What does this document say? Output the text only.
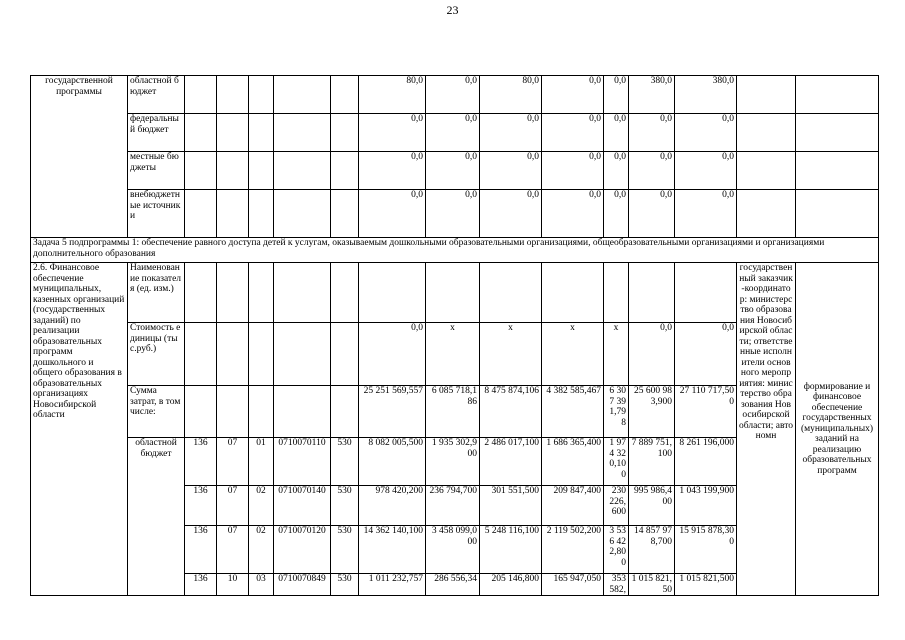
23
государственной программы	областной бюджет						80,0	0,0	80,0	0,0	0,0	380,0	380,0		
	федеральный бюджет						0,0	0,0	0,0	0,0	0,0	0,0	0,0		
	местные бюджеты						0,0	0,0	0,0	0,0	0,0	0,0	0,0		
	внебюджетные источники						0,0	0,0	0,0	0,0	0,0	0,0	0,0		
Задача 5 подпрограммы 1: обеспечение равного доступа детей к услугам, оказываемым дошкольными образовательными организациями, общеобразовательными организациями и организациями дополнительного образования															
2.6. Финансовое обеспечение муниципальных, казенных организаций (государственных заданий) по реализации образовательных программ дошкольного и общего образования в образовательных организациях Новосибирской области	Наименование показателя (ед. изм.)													государственный заказчик-координатор: министерство образования Новосибирской области; ответственные исполнители основного мероприятия: министерство образования Новосибирской области; автономн	формирование и финансовое обеспечение государственных (муниципальных) заданий на реализацию образовательных программ
	Стоимость единицы (тыс.руб.)						0,0	x	x	x	x	0,0	0,0		
	Сумма затрат, в том числе:						25 251 569,557	6 085 718,186	8 475 874,106	4 382 585,467	6 307 391,798	25 600 983,900	27 110 717,500		
	областной бюджет	136	07	01	0710070110	530	8 082 005,500	1 935 302,900	2 486 017,100	1 686 365,400	1 974 320,100	7 889 751,100	8 261 196,000		
		136	07	02	0710070140	530	978 420,200	236 794,700	301 551,500	209 847,400	230 226,600	995 986,400	1 043 199,900		
		136	07	02	0710070120	530	14 362 140,100	3 458 099,000	5 248 116,100	2 119 502,200	3 536 422,800	14 857 978,700	15 915 878,300		
		136	10	03	0710070849	530	1 011 232,757	286 556,34	205 146,800	165 947,050	353 582,	1 015 821,50	1 015 821,500		
